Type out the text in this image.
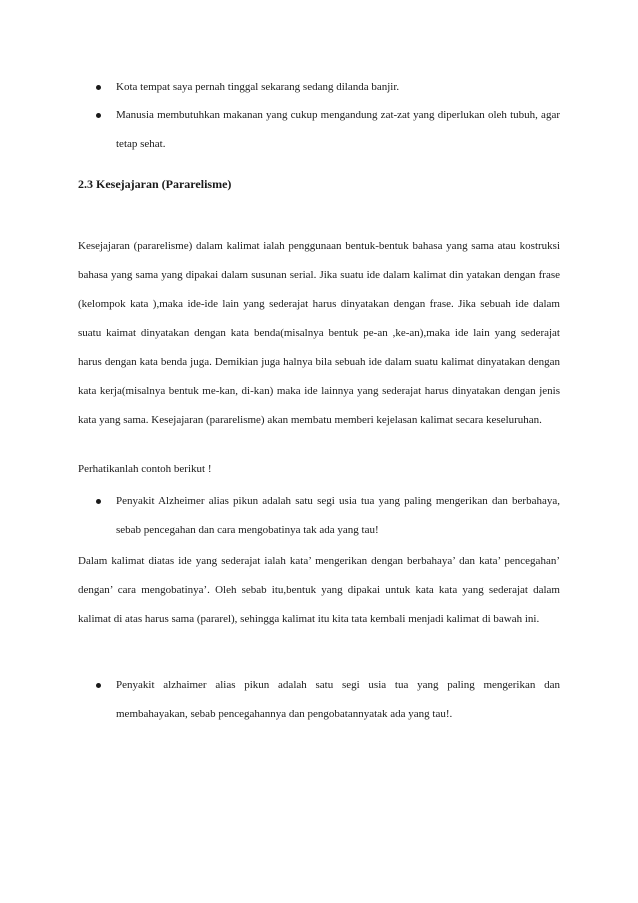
Kota tempat saya pernah tinggal sekarang sedang dilanda banjir.
Manusia membutuhkan makanan yang cukup mengandung zat-zat yang diperlukan oleh tubuh, agar tetap sehat.
2.3 Kesejajaran (Pararelisme)
Kesejajaran (pararelisme) dalam kalimat ialah penggunaan bentuk-bentuk bahasa yang sama atau kostruksi bahasa yang sama yang dipakai dalam susunan serial. Jika suatu ide dalam kalimat din yatakan dengan frase (kelompok kata ),maka ide-ide lain yang sederajat harus dinyatakan dengan frase. Jika sebuah ide dalam suatu kaimat dinyatakan dengan kata benda(misalnya bentuk pe-an ,ke-an),maka ide lain yang sederajat harus dengan kata benda juga. Demikian juga halnya bila sebuah ide dalam suatu kalimat dinyatakan dengan kata kerja(misalnya bentuk me-kan, di-kan) maka ide lainnya yang sederajat harus dinyatakan dengan jenis kata yang sama. Kesejajaran (pararelisme) akan membatu memberi kejelasan kalimat secara keseluruhan.
Perhatikanlah contoh berikut !
Penyakit Alzheimer alias pikun adalah satu segi usia tua yang paling mengerikan dan berbahaya, sebab pencegahan dan cara mengobatinya tak ada yang tau!
Dalam kalimat diatas ide yang sederajat ialah kata’ mengerikan dengan berbahaya’ dan kata’ pencegahan’ dengan’ cara mengobatinya’. Oleh sebab itu,bentuk yang dipakai untuk kata kata yang sederajat dalam kalimat di atas harus sama (pararel), sehingga kalimat itu kita tata kembali menjadi kalimat di bawah ini.
Penyakit alzhaimer alias pikun adalah satu segi usia tua yang paling mengerikan dan membahayakan, sebab pencegahannya dan pengobatannyatak ada yang tau!.
